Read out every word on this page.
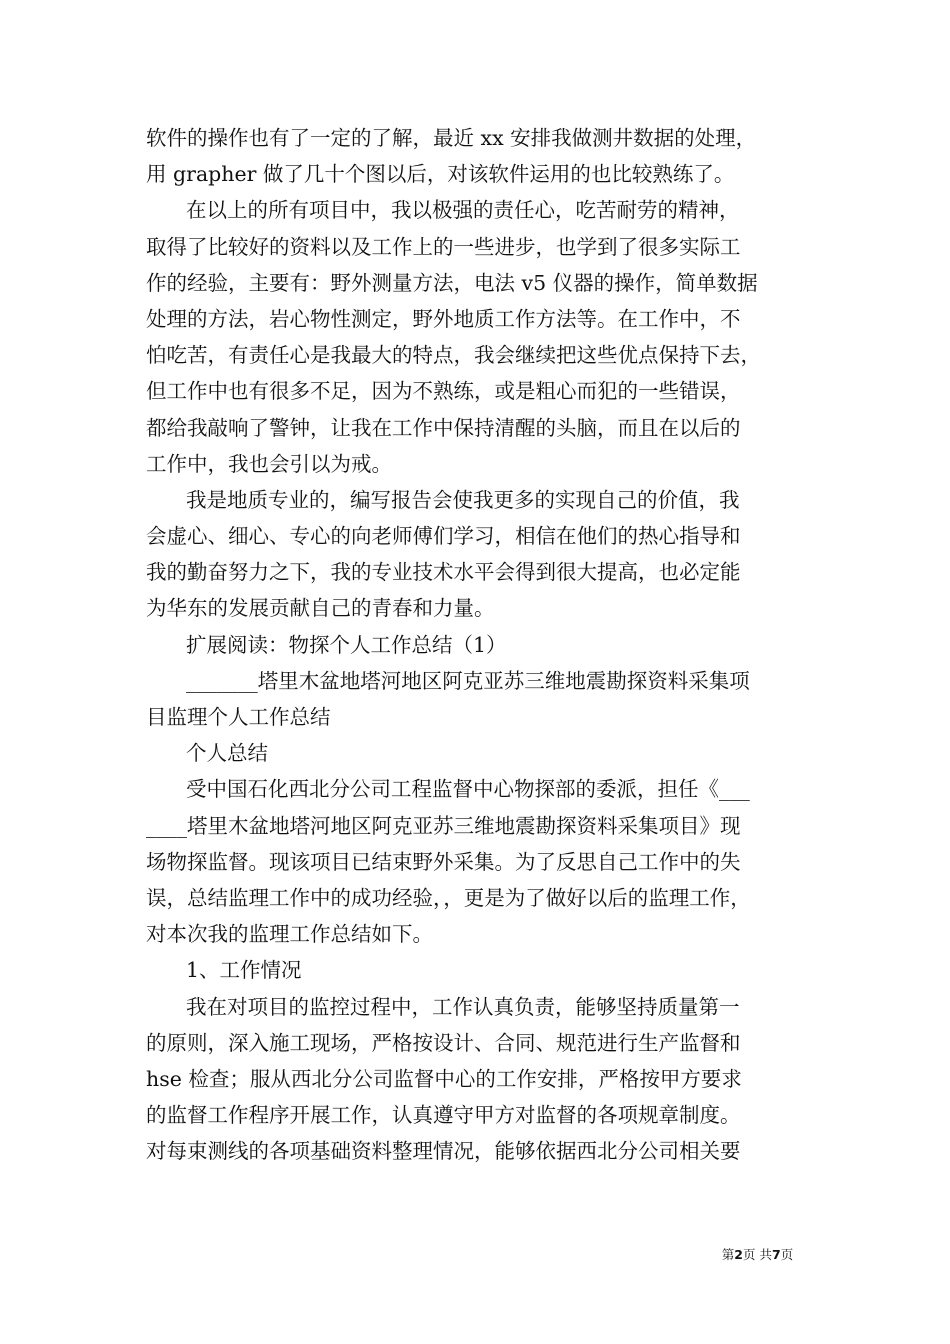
软件的操作也有了一定的了解，最近 xx 安排我做测井数据的处理，
用 grapher 做了几十个图以后，对该软件运用的也比较熟练了。
在以上的所有项目中，我以极强的责任心，吃苦耐劳的精神，
取得了比较好的资料以及工作上的一些进步，也学到了很多实际工
作的经验，主要有：野外测量方法，电法 v5 仪器的操作，简单数据
处理的方法，岩心物性测定，野外地质工作方法等。在工作中，不
怕吃苦，有责任心是我最大的特点，我会继续把这些优点保持下去，
但工作中也有很多不足，因为不熟练，或是粗心而犯的一些错误，
都给我敲响了警钟，让我在工作中保持清醒的头脑，而且在以后的
工作中，我也会引以为戒。
我是地质专业的，编写报告会使我更多的实现自己的价值，我
会虚心、细心、专心的向老师傅们学习，相信在他们的热心指导和
我的勤奋努力之下，我的专业技术水平会得到很大提高，也必定能
为华东的发展贡献自己的青春和力量。
扩展阅读：物探个人工作总结（1）
_______塔里木盆地塔河地区阿克亚苏三维地震勘探资料采集项
目监理个人工作总结
个人总结
受中国石化西北分公司工程监督中心物探部的委派，担任《___
____塔里木盆地塔河地区阿克亚苏三维地震勘探资料采集项目》现
场物探监督。现该项目已结束野外采集。为了反思自己工作中的失
误，总结监理工作中的成功经验，，更是为了做好以后的监理工作，
对本次我的监理工作总结如下。
1、工作情况
我在对项目的监控过程中，工作认真负责，能够坚持质量第一
的原则，深入施工现场，严格按设计、合同、规范进行生产监督和
hse 检查；服从西北分公司监督中心的工作安排，严格按甲方要求
的监督工作程序开展工作，认真遵守甲方对监督的各项规章制度。
对每束测线的各项基础资料整理情况，能够依据西北分公司相关要
第2页 共7页
